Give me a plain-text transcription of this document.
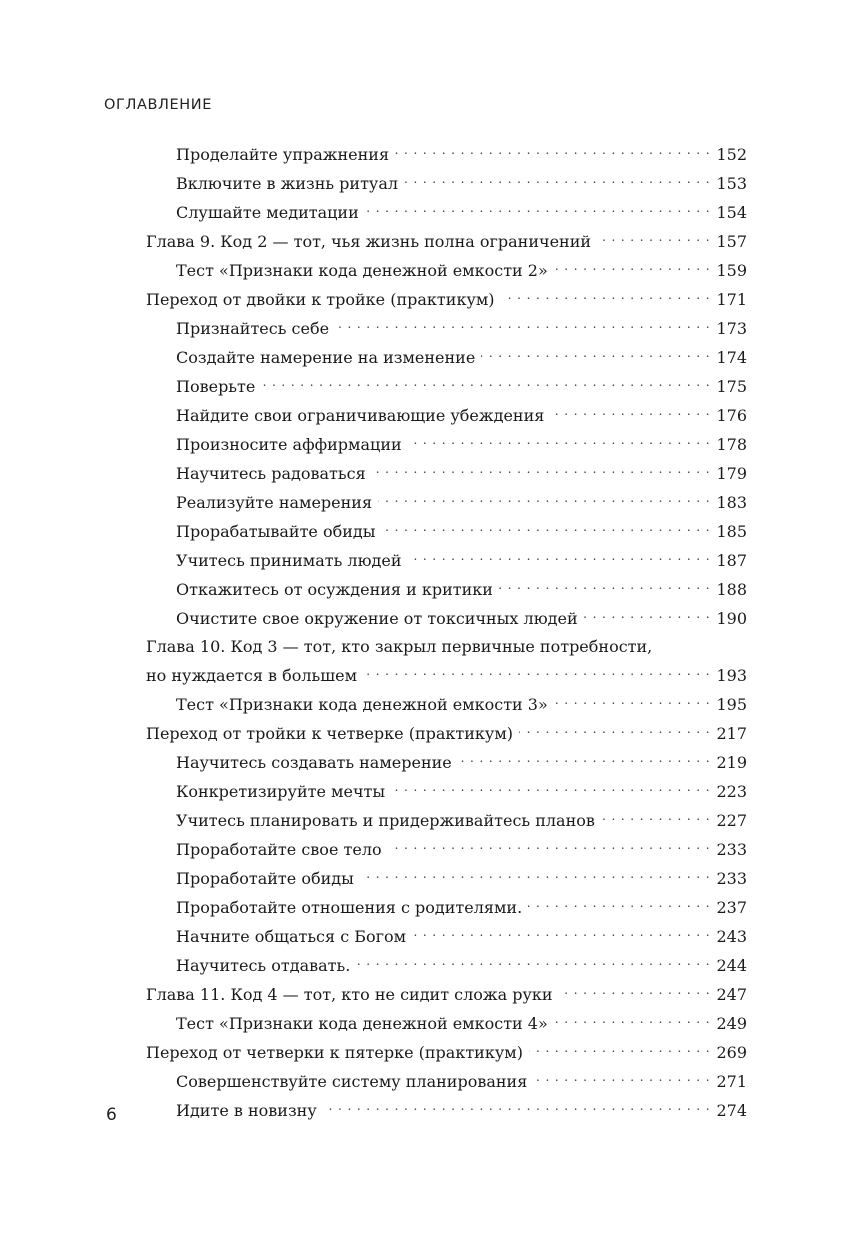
ОГЛАВЛЕНИЕ
Проделайте упражнения . . .	152
Включите в жизнь ритуал . . .	153
Слушайте медитации . . .	154
Глава 9. Код 2 — тот, чья жизнь полна ограничений . . .	157
Тест «Признаки кода денежной емкости 2» . . .	159
Переход от двойки к тройке (практикум) . . .	171
Признайтесь себе . . .	173
Создайте намерение на изменение . . .	174
Поверьте . . .	175
Найдите свои ограничивающие убеждения . . .	176
Произносите аффирмации . . .	178
Научитесь радоваться . . .	179
Реализуйте намерения . . .	183
Прорабатывайте обиды . . .	185
Учитесь принимать людей . . .	187
Откажитесь от осуждения и критики . . .	188
Очистите свое окружение от токсичных людей . . .	190
Глава 10. Код 3 — тот, кто закрыл первичные потребности,
но нуждается в большем . . .	193
Тест «Признаки кода денежной емкости 3» . . .	195
Переход от тройки к четверке (практикум) . . .	217
Научитесь создавать намерение . . .	219
Конкретизируйте мечты . . .	223
Учитесь планировать и придерживайтесь планов . . .	227
Проработайте свое тело . . .	233
Проработайте обиды . . .	233
Проработайте отношения с родителями. . . .	237
Начните общаться с Богом . . .	243
Научитесь отдавать. . . .	244
Глава 11. Код 4 — тот, кто не сидит сложа руки . . .	247
Тест «Признаки кода денежной емкости 4» . . .	249
Переход от четверки к пятерке (практикум) . . .	269
Совершенствуйте систему планирования . . .	271
Идите в новизну . . .	274
6
